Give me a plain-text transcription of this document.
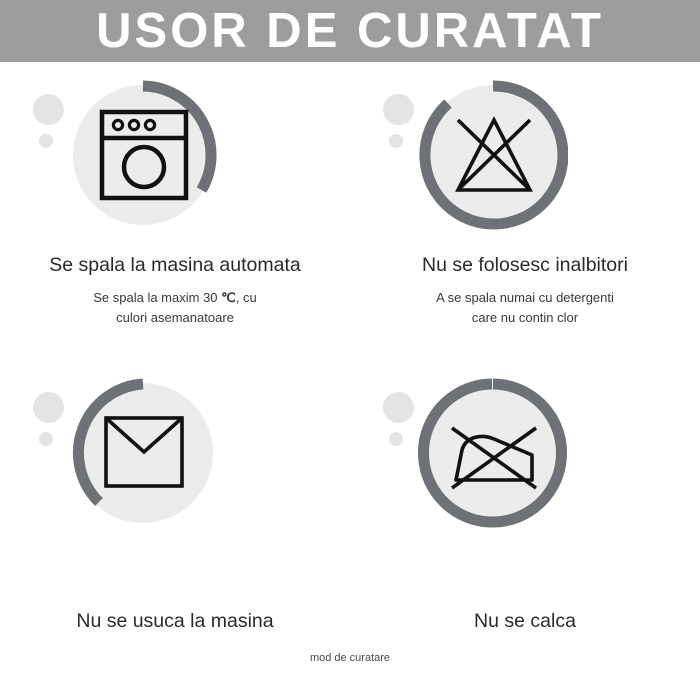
USOR DE CURATAT
Se spala la masina automata
Se spala la maxim 30 ℃, cu
culori asemanatoare
Nu se folosesc inalbitori
A se spala numai cu detergenti
care nu contin clor
Nu se usuca la masina	Nu se calca
mod de curatare
